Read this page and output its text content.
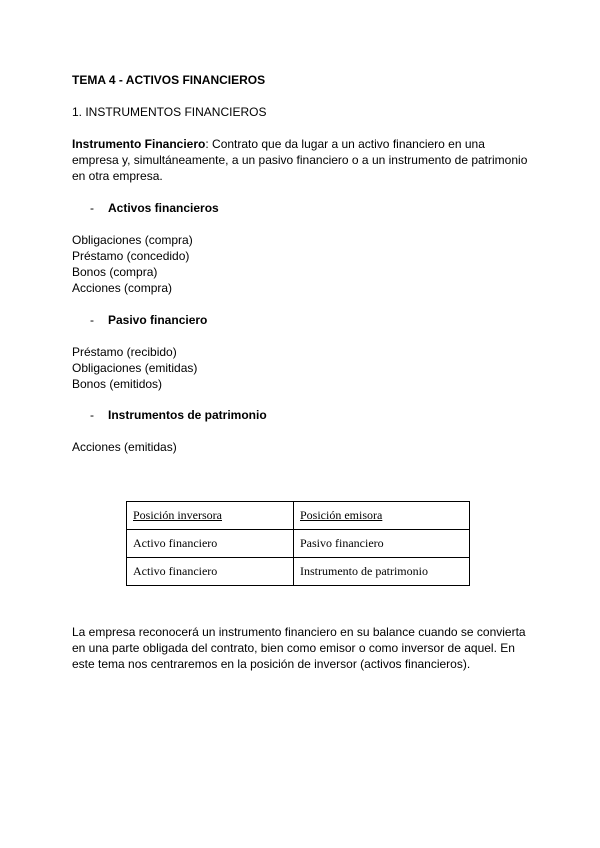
TEMA 4 - ACTIVOS FINANCIEROS
1. INSTRUMENTOS FINANCIEROS
Instrumento Financiero: Contrato que da lugar a un activo financiero en una empresa y, simultáneamente, a un pasivo financiero o a un instrumento de patrimonio en otra empresa.
- Activos financieros
Obligaciones (compra)
Préstamo (concedido)
Bonos (compra)
Acciones (compra)
- Pasivo financiero
Préstamo (recibido)
Obligaciones (emitidas)
Bonos (emitidos)
- Instrumentos de patrimonio
Acciones (emitidas)
Posición inversora	Posición emisora
Activo financiero	Pasivo financiero
Activo financiero	Instrumento de patrimonio
La empresa reconocerá un instrumento financiero en su balance cuando se convierta en una parte obligada del contrato, bien como emisor o como inversor de aquel. En este tema nos centraremos en la posición de inversor (activos financieros).
